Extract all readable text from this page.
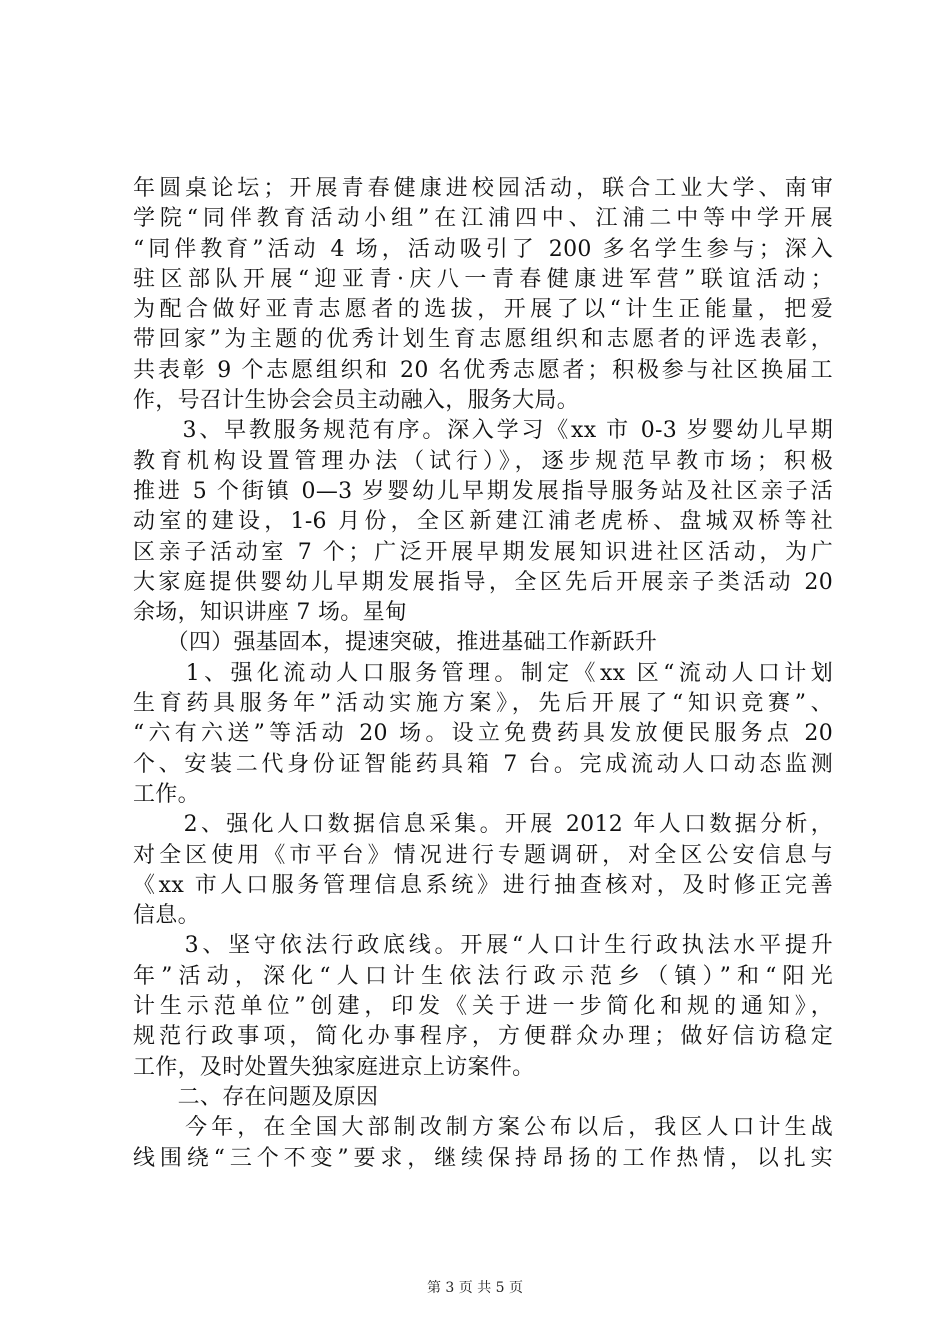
年圆桌论坛；开展青春健康进校园活动，联合工业大学、南审
学院“同伴教育活动小组”在江浦四中、江浦二中等中学开展
“同伴教育”活动 4 场，活动吸引了 200 多名学生参与；深入
驻区部队开展“迎亚青·庆八一青春健康进军营”联谊活动；
为配合做好亚青志愿者的选拔，开展了以“计生正能量，把爱
带回家”为主题的优秀计划生育志愿组织和志愿者的评选表彰，
共表彰 9 个志愿组织和 20 名优秀志愿者；积极参与社区换届工
作，号召计生协会会员主动融入，服务大局。
　　3、早教服务规范有序。深入学习《xx 市 0-3 岁婴幼儿早期
教育机构设置管理办法（试行）》，逐步规范早教市场；积极
推进 5 个街镇 0—3 岁婴幼儿早期发展指导服务站及社区亲子活
动室的建设，1-6 月份，全区新建江浦老虎桥、盘城双桥等社
区亲子活动室 7 个；广泛开展早期发展知识进社区活动，为广
大家庭提供婴幼儿早期发展指导，全区先后开展亲子类活动 20
余场，知识讲座 7 场。星甸
　　（四）强基固本，提速突破，推进基础工作新跃升
　　1、强化流动人口服务管理。制定《xx 区“流动人口计划
生育药具服务年”活动实施方案》，先后开展了“知识竞赛”、
“六有六送”等活动 20 场。设立免费药具发放便民服务点 20
个、安装二代身份证智能药具箱 7 台。完成流动人口动态监测
工作。
　　2、强化人口数据信息采集。开展 2012 年人口数据分析，
对全区使用《市平台》情况进行专题调研，对全区公安信息与
《xx 市人口服务管理信息系统》进行抽查核对，及时修正完善
信息。
　　3、坚守依法行政底线。开展“人口计生行政执法水平提升
年”活动，深化“人口计生依法行政示范乡（镇）”和“阳光
计生示范单位”创建，印发《关于进一步简化和规的通知》，
规范行政事项，简化办事程序，方便群众办理；做好信访稳定
工作，及时处置失独家庭进京上访案件。
　　二、存在问题及原因
　　今年，在全国大部制改制方案公布以后，我区人口计生战
线围绕“三个不变”要求，继续保持昂扬的工作热情，以扎实
第 3 页 共 5 页
